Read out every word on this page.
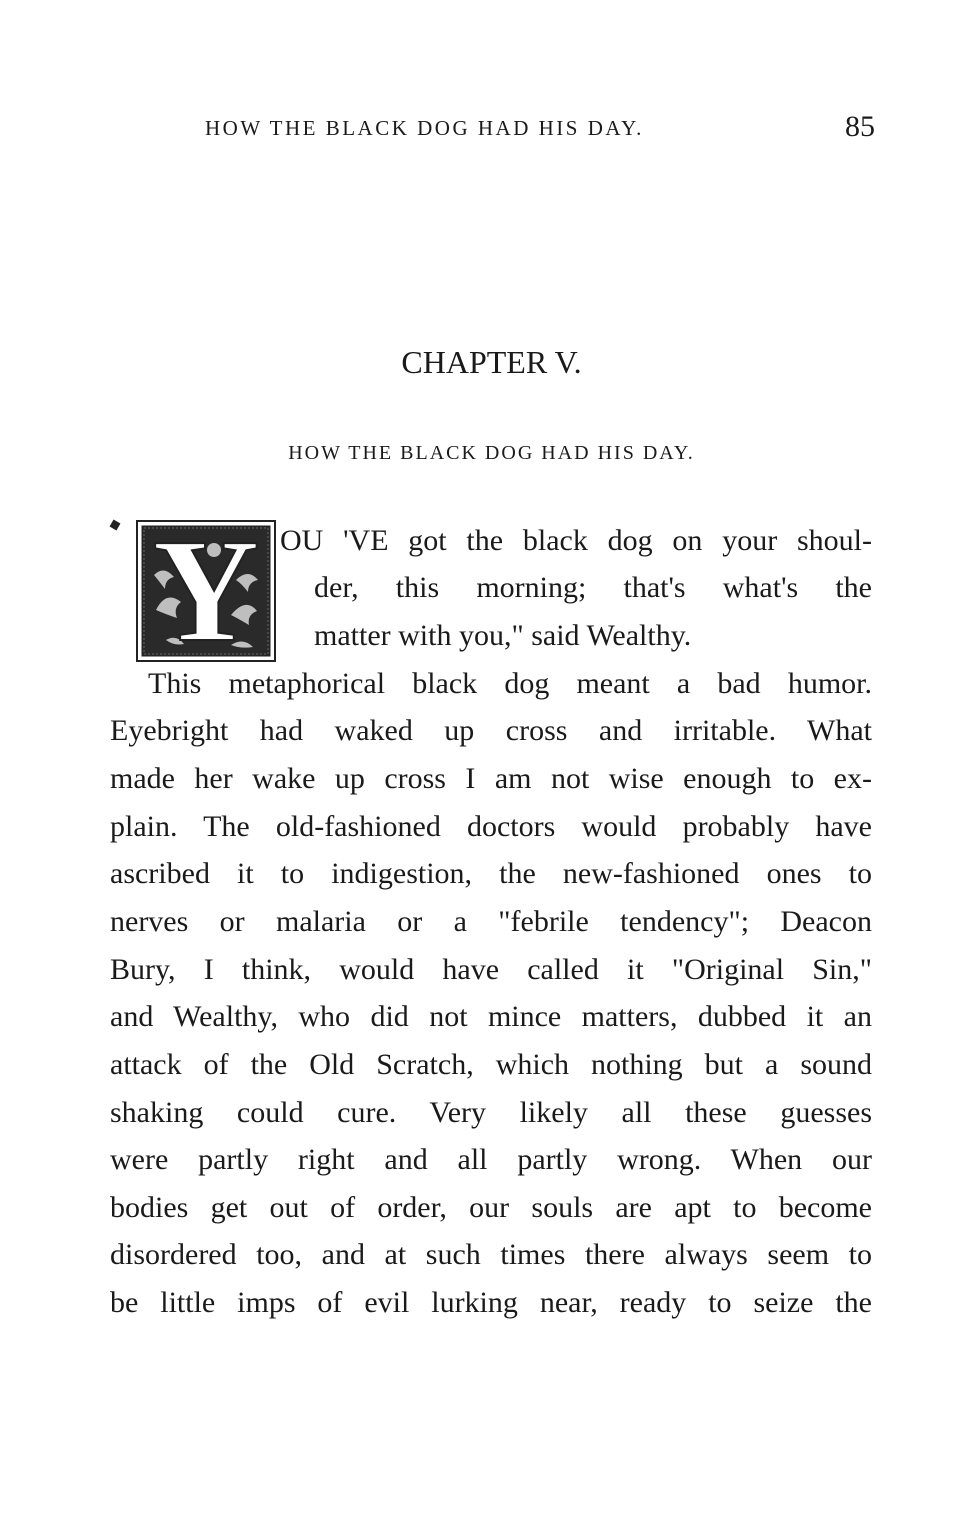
HOW THE BLACK DOG HAD HIS DAY.	85
CHAPTER V.
HOW THE BLACK DOG HAD HIS DAY.
Y OU 'VE got the black dog on your shoul-
der, this morning; that's what's the
matter with you," said Wealthy.
This metaphorical black dog meant a bad humor.
Eyebright had waked up cross and irritable. What
made her wake up cross I am not wise enough to ex-
plain. The old-fashioned doctors would probably have
ascribed it to indigestion, the new-fashioned ones to
nerves or malaria or a "febrile tendency"; Deacon
Bury, I think, would have called it "Original Sin,"
and Wealthy, who did not mince matters, dubbed it an
attack of the Old Scratch, which nothing but a sound
shaking could cure. Very likely all these guesses
were partly right and all partly wrong. When our
bodies get out of order, our souls are apt to become
disordered too, and at such times there always seem to
be little imps of evil lurking near, ready to seize the
